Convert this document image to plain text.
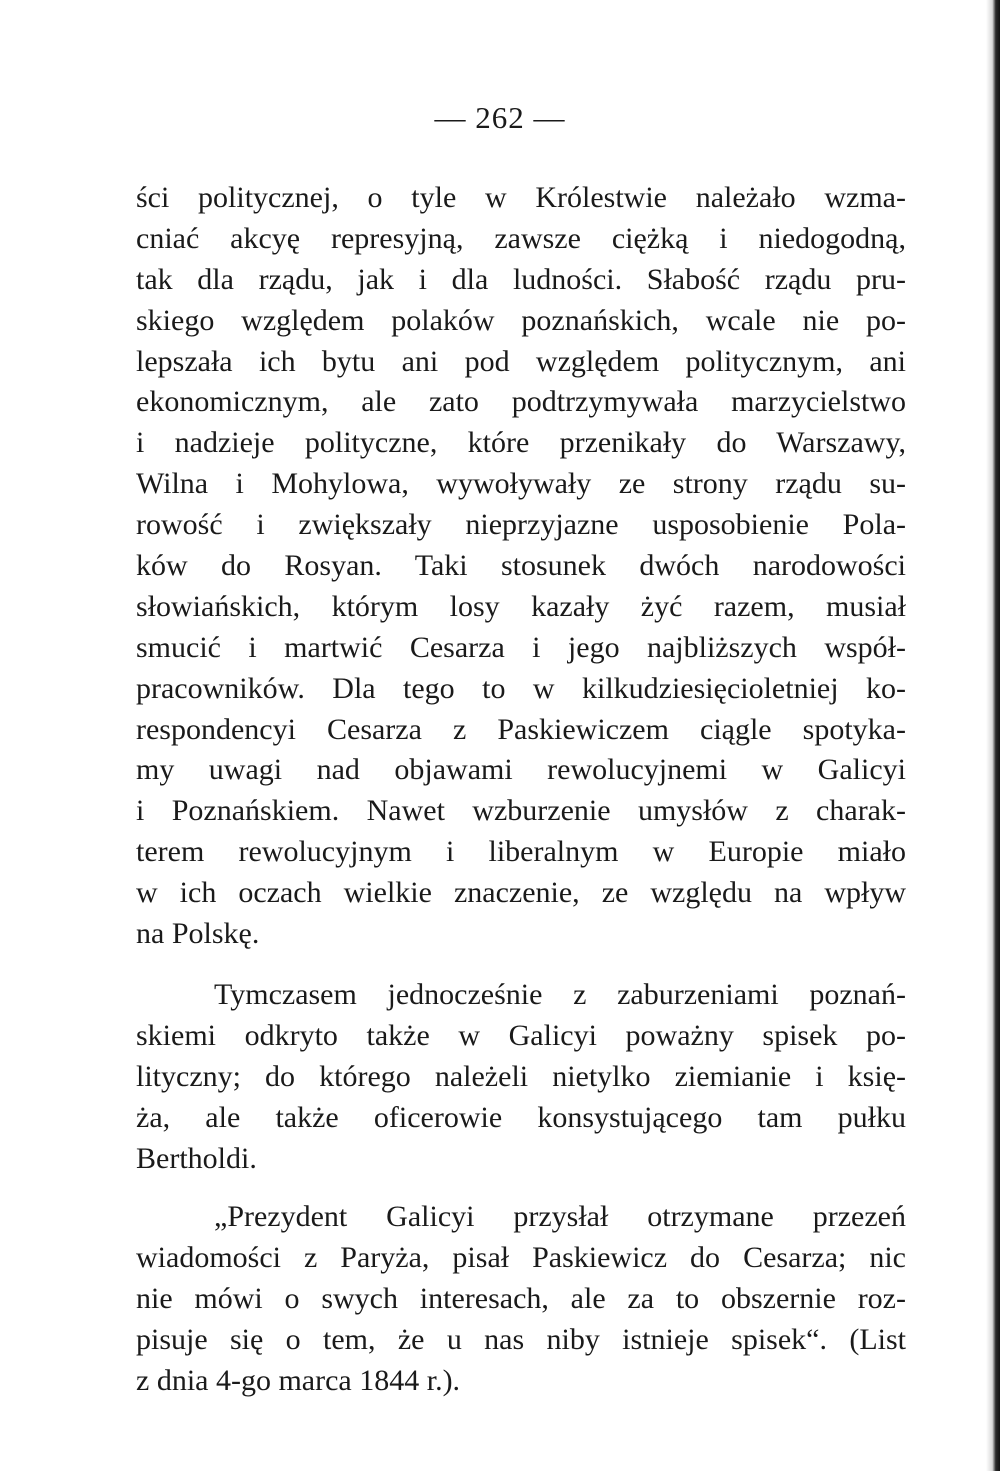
— 262 —
ści politycznej, o tyle w Królestwie należało wzma-
cniać akcyę represyjną, zawsze ciężką i niedogodną,
tak dla rządu, jak i dla ludności. Słabość rządu pru-
skiego względem polaków poznańskich, wcale nie po-
lepszała ich bytu ani pod względem politycznym, ani
ekonomicznym, ale zato podtrzymywała marzycielstwo
i nadzieje polityczne, które przenikały do Warszawy,
Wilna i Mohylowa, wywoływały ze strony rządu su-
rowość i zwiększały nieprzyjazne usposobienie Pola-
ków do Rosyan. Taki stosunek dwóch narodowości
słowiańskich, którym losy kazały żyć razem, musiał
smucić i martwić Cesarza i jego najbliższych współ-
pracowników. Dla tego to w kilkudziesięcioletniej ko-
respondencyi Cesarza z Paskiewiczem ciągle spotyka-
my uwagi nad objawami rewolucyjnemi w Galicyi
i Poznańskiem. Nawet wzburzenie umysłów z charak-
terem rewolucyjnym i liberalnym w Europie miało
w ich oczach wielkie znaczenie, ze względu na wpływ
na Polskę.
Tymczasem jednocześnie z zaburzeniami poznań-
skiemi odkryto także w Galicyi poważny spisek po-
lityczny; do którego należeli nietylko ziemianie i księ-
ża, ale także oficerowie konsystującego tam pułku
Bertholdi.
„Prezydent Galicyi przysłał otrzymane przezeń
wiadomości z Paryża, pisał Paskiewicz do Cesarza; nic
nie mówi o swych interesach, ale za to obszernie roz-
pisuje się o tem, że u nas niby istnieje spisek“. (List
z dnia 4-go marca 1844 r.).
